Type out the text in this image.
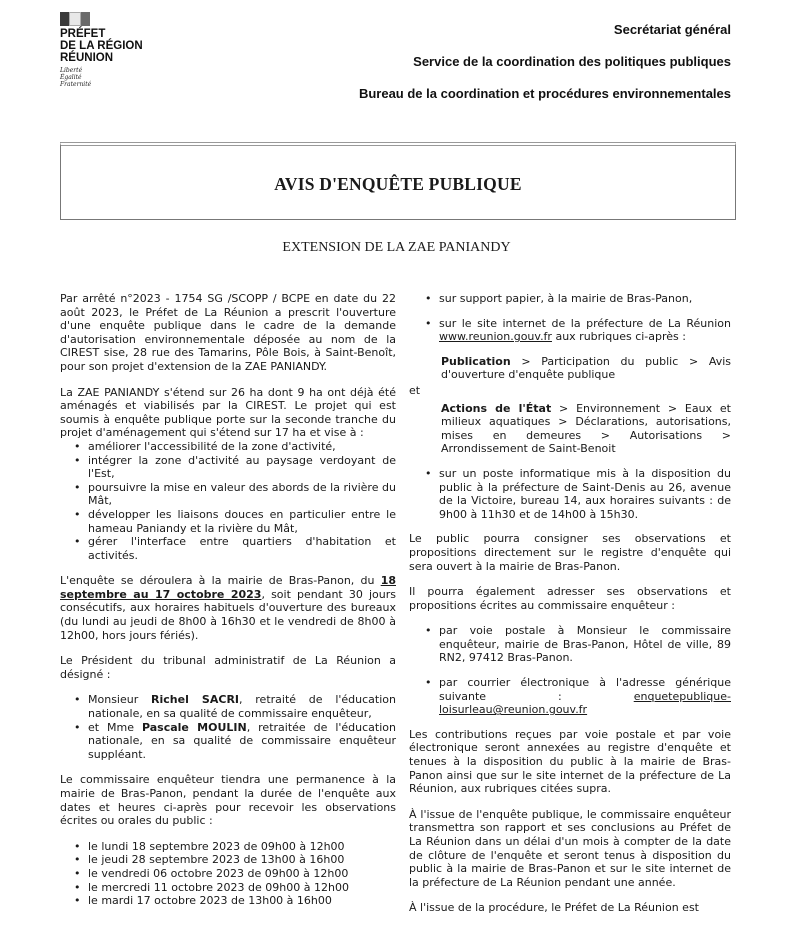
PRÉFET
DE LA RÉGION
RÉUNION
Liberté
Égalité
Fraternité
Secrétariat général
Service de la coordination des politiques publiques
Bureau de la coordination et procédures environnementales
AVIS D'ENQUÊTE PUBLIQUE
EXTENSION DE LA ZAE PANIANDY

Par arrêté n°2023 - 1754 SG /SCOPP / BCPE en date du 22 août 2023, le Préfet de La Réunion a prescrit l'ouverture d'une enquête publique dans le cadre de la demande d'autorisation environnementale déposée au nom de la CIREST sise, 28 rue des Tamarins, Pôle Bois, à Saint-Benoît, pour son projet d'extension de la ZAE PANIANDY.

La ZAE PANIANDY s'étend sur 26 ha dont 9 ha ont déjà été aménagés et viabilisés par la CIREST. Le projet qui est soumis à enquête publique porte sur la seconde tranche du projet d'aménagement qui s'étend sur 17 ha et vise à :

• améliorer l'accessibilité de la zone d'activité,
• intégrer la zone d'activité au paysage verdoyant de l'Est,
• poursuivre la mise en valeur des abords de la rivière du Mât,
• développer les liaisons douces en particulier entre le hameau Paniandy et la rivière du Mât,
• gérer l'interface entre quartiers d'habitation et activités.

L'enquête se déroulera à la mairie de Bras-Panon, du 18 septembre au 17 octobre 2023, soit pendant 30 jours consécutifs, aux horaires habituels d'ouverture des bureaux (du lundi au jeudi de 8h00 à 16h30 et le vendredi de 8h00 à 12h00, hors jours fériés).

Le Président du tribunal administratif de La Réunion a désigné :

• Monsieur Richel SACRI, retraité de l'éducation nationale, en sa qualité de commissaire enquêteur,
• et Mme Pascale MOULIN, retraitée de l'éducation nationale, en sa qualité de commissaire enquêteur suppléant.

Le commissaire enquêteur tiendra une permanence à la mairie de Bras-Panon, pendant la durée de l'enquête aux dates et heures ci-après pour recevoir les observations écrites ou orales du public :

• le lundi 18 septembre 2023 de 09h00 à 12h00
• le jeudi 28 septembre 2023 de 13h00 à 16h00
• le vendredi 06 octobre 2023 de 09h00 à 12h00
• le mercredi 11 octobre 2023 de 09h00 à 12h00
• le mardi 17 octobre 2023 de 13h00 à 16h00
• sur support papier, à la mairie de Bras-Panon,
• sur le site internet de la préfecture de La Réunion www.reunion.gouv.fr aux rubriques ci-après :
Publication > Participation du public > Avis d'ouverture d'enquête publique
et
Actions de l'État > Environnement > Eaux et milieux aquatiques > Déclarations, autorisations, mises en demeures > Autorisations > Arrondissement de Saint-Benoit
• sur un poste informatique mis à la disposition du public à la préfecture de Saint-Denis au 26, avenue de la Victoire, bureau 14, aux horaires suivants : de 9h00 à 11h30 et de 14h00 à 15h30.

Le public pourra consigner ses observations et propositions directement sur le registre d'enquête qui sera ouvert à la mairie de Bras-Panon.

Il pourra également adresser ses observations et propositions écrites au commissaire enquêteur :

• par voie postale à Monsieur le commissaire enquêteur, mairie de Bras-Panon, Hôtel de ville, 89 RN2, 97412 Bras-Panon.
• par courrier électronique à l'adresse générique suivante : enquetepublique-loisurleau@reunion.gouv.fr

Les contributions reçues par voie postale et par voie électronique seront annexées au registre d'enquête et tenues à la disposition du public à la mairie de Bras-Panon ainsi que sur le site internet de la préfecture de La Réunion, aux rubriques citées supra.

À l'issue de l'enquête publique, le commissaire enquêteur transmettra son rapport et ses conclusions au Préfet de La Réunion dans un délai d'un mois à compter de la date de clôture de l'enquête et seront tenus à disposition du public à la mairie de Bras-Panon et sur le site internet de la préfecture de La Réunion pendant une année.

À l'issue de la procédure, le Préfet de La Réunion est
